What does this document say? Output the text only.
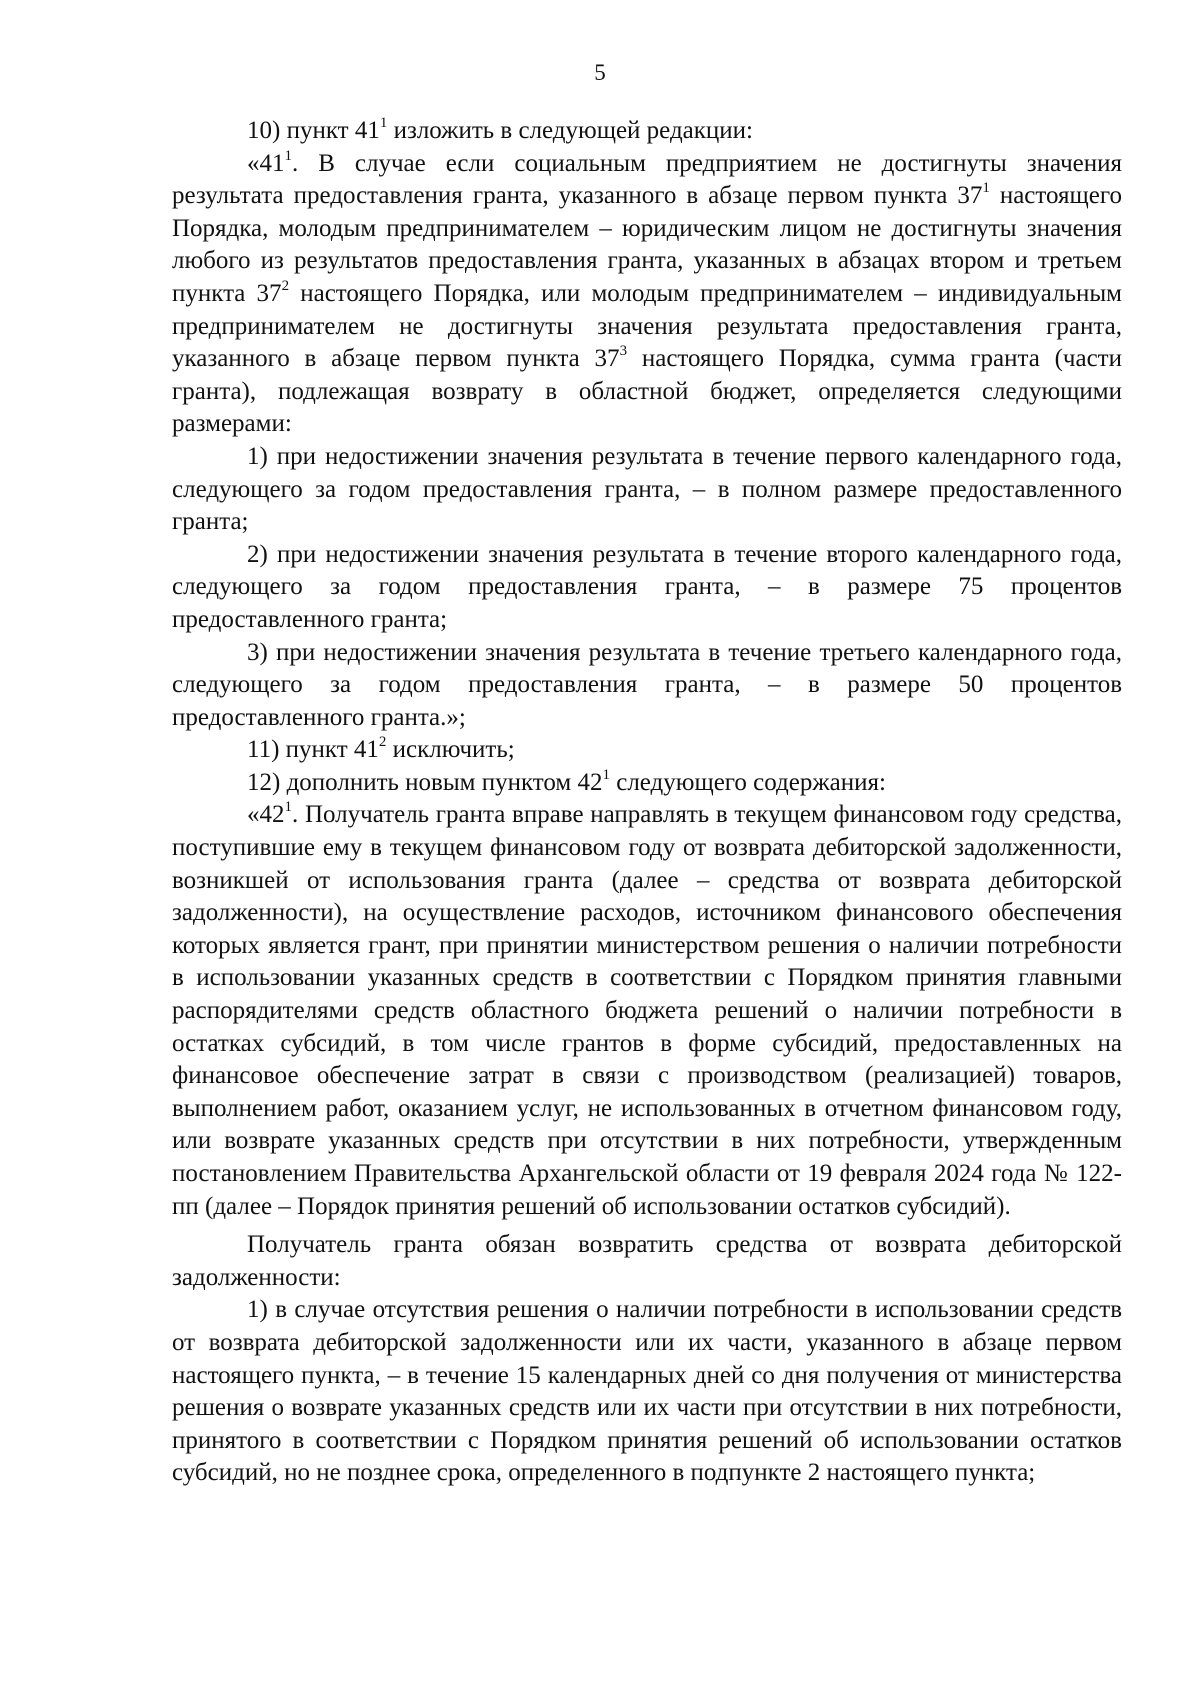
5

10) пункт $41^1$ изложить в следующей редакции:

«$41^1$. В случае если социальным предприятием не достигнуты значения результата предоставления гранта, указанного в абзаце первом пункта $37^1$ настоящего Порядка, молодым предпринимателем – юридическим лицом не достигнуты значения любого из результатов предоставления гранта, указанных в абзацах втором и третьем пункта $37^2$ настоящего Порядка, или молодым предпринимателем – индивидуальным предпринимателем не достигнуты значения результата предоставления гранта, указанного в абзаце первом пункта $37^3$ настоящего Порядка, сумма гранта (части гранта), подлежащая возврату в областной бюджет, определяется следующими размерами:

1) при недостижении значения результата в течение первого календарного года, следующего за годом предоставления гранта, – в полном размере предоставленного гранта;

2) при недостижении значения результата в течение второго календарного года, следующего за годом предоставления гранта, – в размере 75 процентов предоставленного гранта;

3) при недостижении значения результата в течение третьего календарного года, следующего за годом предоставления гранта, – в размере 50 процентов предоставленного гранта.»;

11) пункт $41^2$ исключить;

12) дополнить новым пунктом $42^1$ следующего содержания:

«$42^1$. Получатель гранта вправе направлять в текущем финансовом году средства, поступившие ему в текущем финансовом году от возврата дебиторской задолженности, возникшей от использования гранта (далее – средства от возврата дебиторской задолженности), на осуществление расходов, источником финансового обеспечения которых является грант, при принятии министерством решения о наличии потребности в использовании указанных средств в соответствии с Порядком принятия главными распорядителями средств областного бюджета решений о наличии потребности в остатках субсидий, в том числе грантов в форме субсидий, предоставленных на финансовое обеспечение затрат в связи с производством (реализацией) товаров, выполнением работ, оказанием услуг, не использованных в отчетном финансовом году, или возврате указанных средств при отсутствии в них потребности, утвержденным постановлением Правительства Архангельской области от 19 февраля 2024 года № 122-пп (далее – Порядок принятия решений об использовании остатков субсидий).

Получатель гранта обязан возвратить средства от возврата дебиторской задолженности:

1) в случае отсутствия решения о наличии потребности в использовании средств от возврата дебиторской задолженности или их части, указанного в абзаце первом настоящего пункта, – в течение 15 календарных дней со дня получения от министерства решения о возврате указанных средств или их части при отсутствии в них потребности, принятого в соответствии с Порядком принятия решений об использовании остатков субсидий, но не позднее срока, определенного в подпункте 2 настоящего пункта;
